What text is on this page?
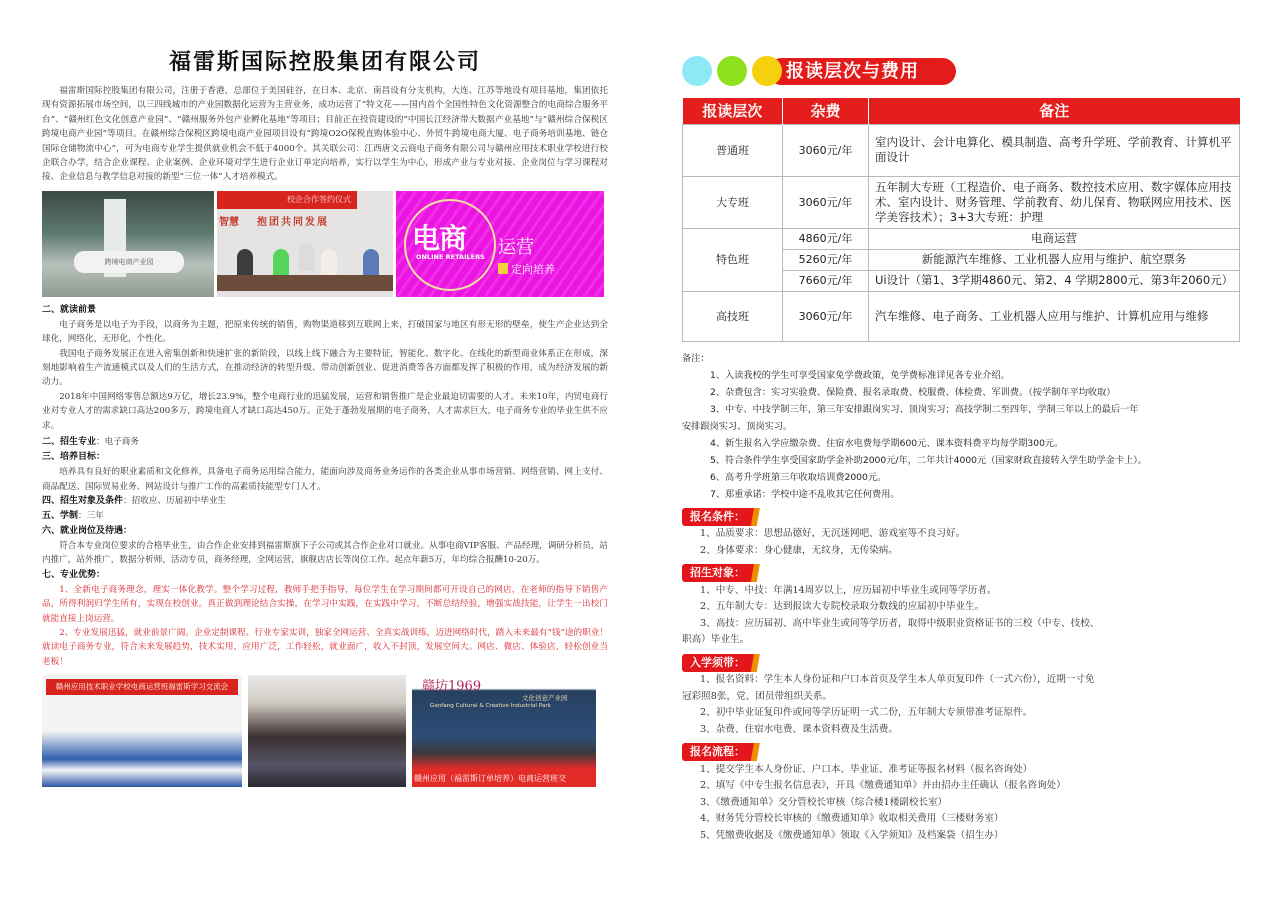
福雷斯国际控股集团有限公司

福雷斯国际控股集团有限公司，注册于香港，总部位于美国硅谷，在日本、北京、南昌设有分支机构，大连、江苏等地设有项目基地，集团依托现有资源拓展市场空间，以三四线城市的产业园数据化运营为主营业务，成功运营了“特文花——国内首个全国性特色文化资源整合的电商综合服务平台”、“赣州红色文化创意产业园”、“赣州服务外包产业孵化基地”等项目；目前正在投资建设的“中国长江经济带大数据产业基地”与“赣州综合保税区跨境电商产业园”等项目。在赣州综合保税区跨境电商产业园项目设有“跨境O2O保税直购体验中心、外贸牛跨境电商大厦、电子商务培训基地、链仓国际仓储物流中心”，可为电商专业学生提供就业机会不低于4000个。其关联公司：江西唐文云商电子商务有限公司与赣州应用技术职业学校进行校企联合办学，结合企业课程、企业案例、企业环境对学生进行企业订单定向培养，实行以学生为中心，形成产业与专业对接、企业岗位与学习课程对接、企业信息与教学信息对接的新型“三位一体”人才培养模式。

跨境电商产业园
校企合作签约仪式
智慧 抱团共同发展	电商
ONLINE RETAILERS 运营
定向培养
二、就读前景

电子商务是以电子为手段，以商务为主题，把原来传统的销售，购物渠道移到互联网上来，打破国家与地区有形无形的壁垒，使生产企业达到全球化，网络化，无形化，个性化。

我国电子商务发展正在进入密集创新和快速扩张的新阶段，以线上线下融合为主要特征，智能化、数字化、在线化的新型商业体系正在形成，深刻地影响着生产流通模式以及人们的生活方式，在推动经济的转型升级、带动创新创业、促进消费等各方面都发挥了积极的作用，成为经济发展的新动力。

2018年中国网络零售总额达9万亿，增长23.9%，整个电商行业的迅猛发展，运营和销售推广是企业最迫切需要的人才。未来10年，内贸电商行业对专业人才的需求缺口高达200多万，跨境电商人才缺口高达450万。正处于蓬勃发展期的电子商务，人才需求巨大，电子商务专业的毕业生供不应求。

二、招生专业：电子商务
三、培养目标：

培养具有良好的职业素质和文化修养，具备电子商务运用综合能力，能面向涉及商务业务运作的各类企业从事市场营销、网络营销、网上支付、商品配送、国际贸易业务、网站设计与推广工作的高素质技能型专门人才。

四、招生对象及条件：招收应、历届初中毕业生
五、学制：三年
六、就业岗位及待遇：

符合本专业岗位要求的合格毕业生，由合作企业安排到福雷斯旗下子公司或其合作企业对口就业。从事电商VIP客服、产品经理，调研分析员，站内推广，站外推广，数据分析师，活动专员，商务经理，全网运营，旗舰店店长等岗位工作。起点年薪5万，年均综合报酬10-20万。

七、专业优势：

1、全新电子商务理念，理实一体化教学。整个学习过程，教师手把手指导，每位学生在学习期间都可开设自己的网店，在老师的指导下销售产品，所得利润归学生所有，实现在校创业。真正做到理论结合实操，在学习中实践，在实践中学习，不断总结经验，增强实战技能，让学生一出校门就能直接上岗运营。

2、专业发展迅猛，就业前景广阔。企业定制课程、行业专家实训，独家全网运营、全真实战训练，迈进网络时代，踏入未来最有“钱”途的职业！就读电子商务专业，符合未来发展趋势，技术实用，应用广泛，工作轻松，就业面广，收入不封顶，发展空间大。网店、微店、体验店，轻松创业当老板！

赣州应用技术职业学校电商运营班福雷斯学习交流会	赣坊1969
文化创意产业园
Ganfang Cultural & Creative Industrial Park
赣州应用（福雷斯订单培养）电商运营班交
报读层次与费用
报读层次	杂费	备注
普通班	3060元/年	室内设计、会计电算化、模具制造、高考升学班、学前教育、计算机平面设计
大专班	3060元/年	五年制大专班（工程造价、电子商务、数控技术应用、数字媒体应用技术、室内设计、财务管理、学前教育、幼儿保育、物联网应用技术、医学美容技术）；3+3大专班：护理
特色班	4860元/年	电商运营
	5260元/年	新能源汽车维修、工业机器人应用与维护、航空票务
	7660元/年	Ui设计（第1、3学期4860元、第2、4 学期2800元、第3年2060元）
高技班	3060元/年	汽车维修、电子商务、工业机器人应用与维护、计算机应用与维修
备注：

1、入读我校的学生可享受国家免学费政策，免学费标准详见各专业介绍。

2、杂费包含：实习实验费、保险费、报名录取费、校服费、体检费、军训费。（按学制年平均收取）

3、中专、中技学制三年，第三年安排跟岗实习、顶岗实习；高技学制二至四年，学制三年以上的最后一年

安排跟岗实习、顶岗实习。

4、新生报名入学应缴杂费、住宿水电费每学期600元、课本资料费平均每学期300元。

5、符合条件学生享受国家助学金补助2000元/年，二年共计4000元（国家财政直接转入学生助学金卡上）。

6、高考升学班第三年收取培训费2000元。

7、郑重承诺：学校中途不乱收其它任何费用。

报名条件：

1、品质要求：思想品德好，无沉迷网吧、游戏室等不良习好。

2、身体要求：身心健康，无纹身，无传染病。

招生对象：

1、中专、中技：年满14周岁以上，应历届初中毕业生或同等学历者。

2、五年制大专：达到报读大专院校录取分数线的应届初中毕业生。

3、高技：应历届初、高中毕业生或同等学历者，取得中级职业资格证书的三校（中专、技校、

职高）毕业生。

入学须带：

1、报名资料：学生本人身份证和户口本首页及学生本人单页复印件（一式六份），近期一寸免

冠彩照8张，党、团员带组织关系。

2、初中毕业证复印件或同等学历证明一式二份，五年制大专须带准考证原件。

3、杂费、住宿水电费、课本资料费及生活费。

报名流程：

1、提交学生本人身份证、户口本、毕业证、准考证等报名材料（报名咨询处）

2、填写《中专生报名信息表》，开具《缴费通知单》并由招办主任确认（报名咨询处）

3、《缴费通知单》交分管校长审核（综合楼1楼副校长室）

4、财务凭分管校长审核的《缴费通知单》收取相关费用（三楼财务室）

5、凭缴费收据及《缴费通知单》领取《入学须知》及档案袋（招生办）
